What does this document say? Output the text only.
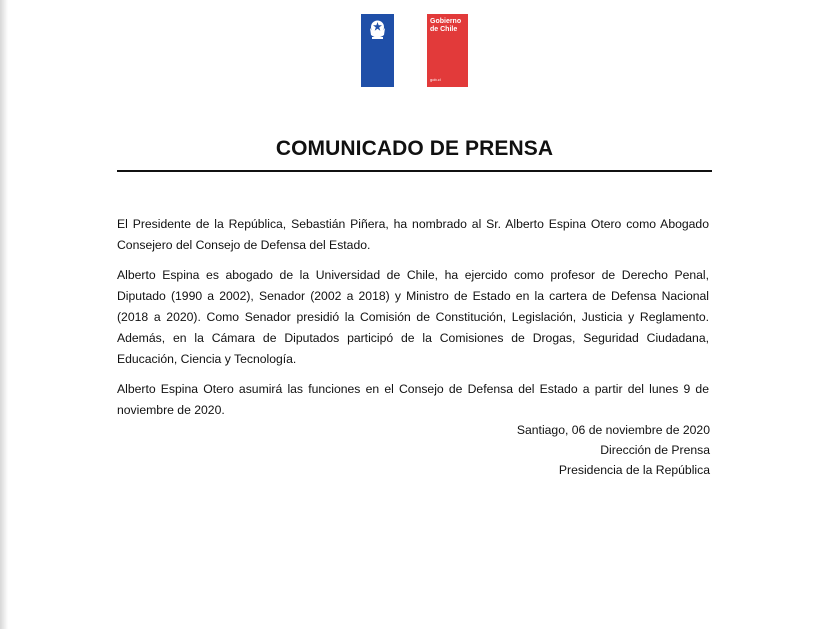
Gobierno
de Chile
gob.cl
COMUNICADO DE PRENSA

El Presidente de la República, Sebastián Piñera, ha nombrado al Sr. Alberto Espina Otero como Abogado Consejero del Consejo de Defensa del Estado.

Alberto Espina es abogado de la Universidad de Chile, ha ejercido como profesor de Derecho Penal, Diputado (1990 a 2002), Senador (2002 a 2018) y Ministro de Estado en la cartera de Defensa Nacional (2018 a 2020). Como Senador presidió la Comisión de Constitución, Legislación, Justicia y Reglamento. Además, en la Cámara de Diputados participó de la Comisiones de Drogas, Seguridad Ciudadana, Educación, Ciencia y Tecnología.

Alberto Espina Otero asumirá las funciones en el Consejo de Defensa del Estado a partir del lunes 9 de noviembre de 2020.

Santiago, 06 de noviembre de 2020
Dirección de Prensa
Presidencia de la República
